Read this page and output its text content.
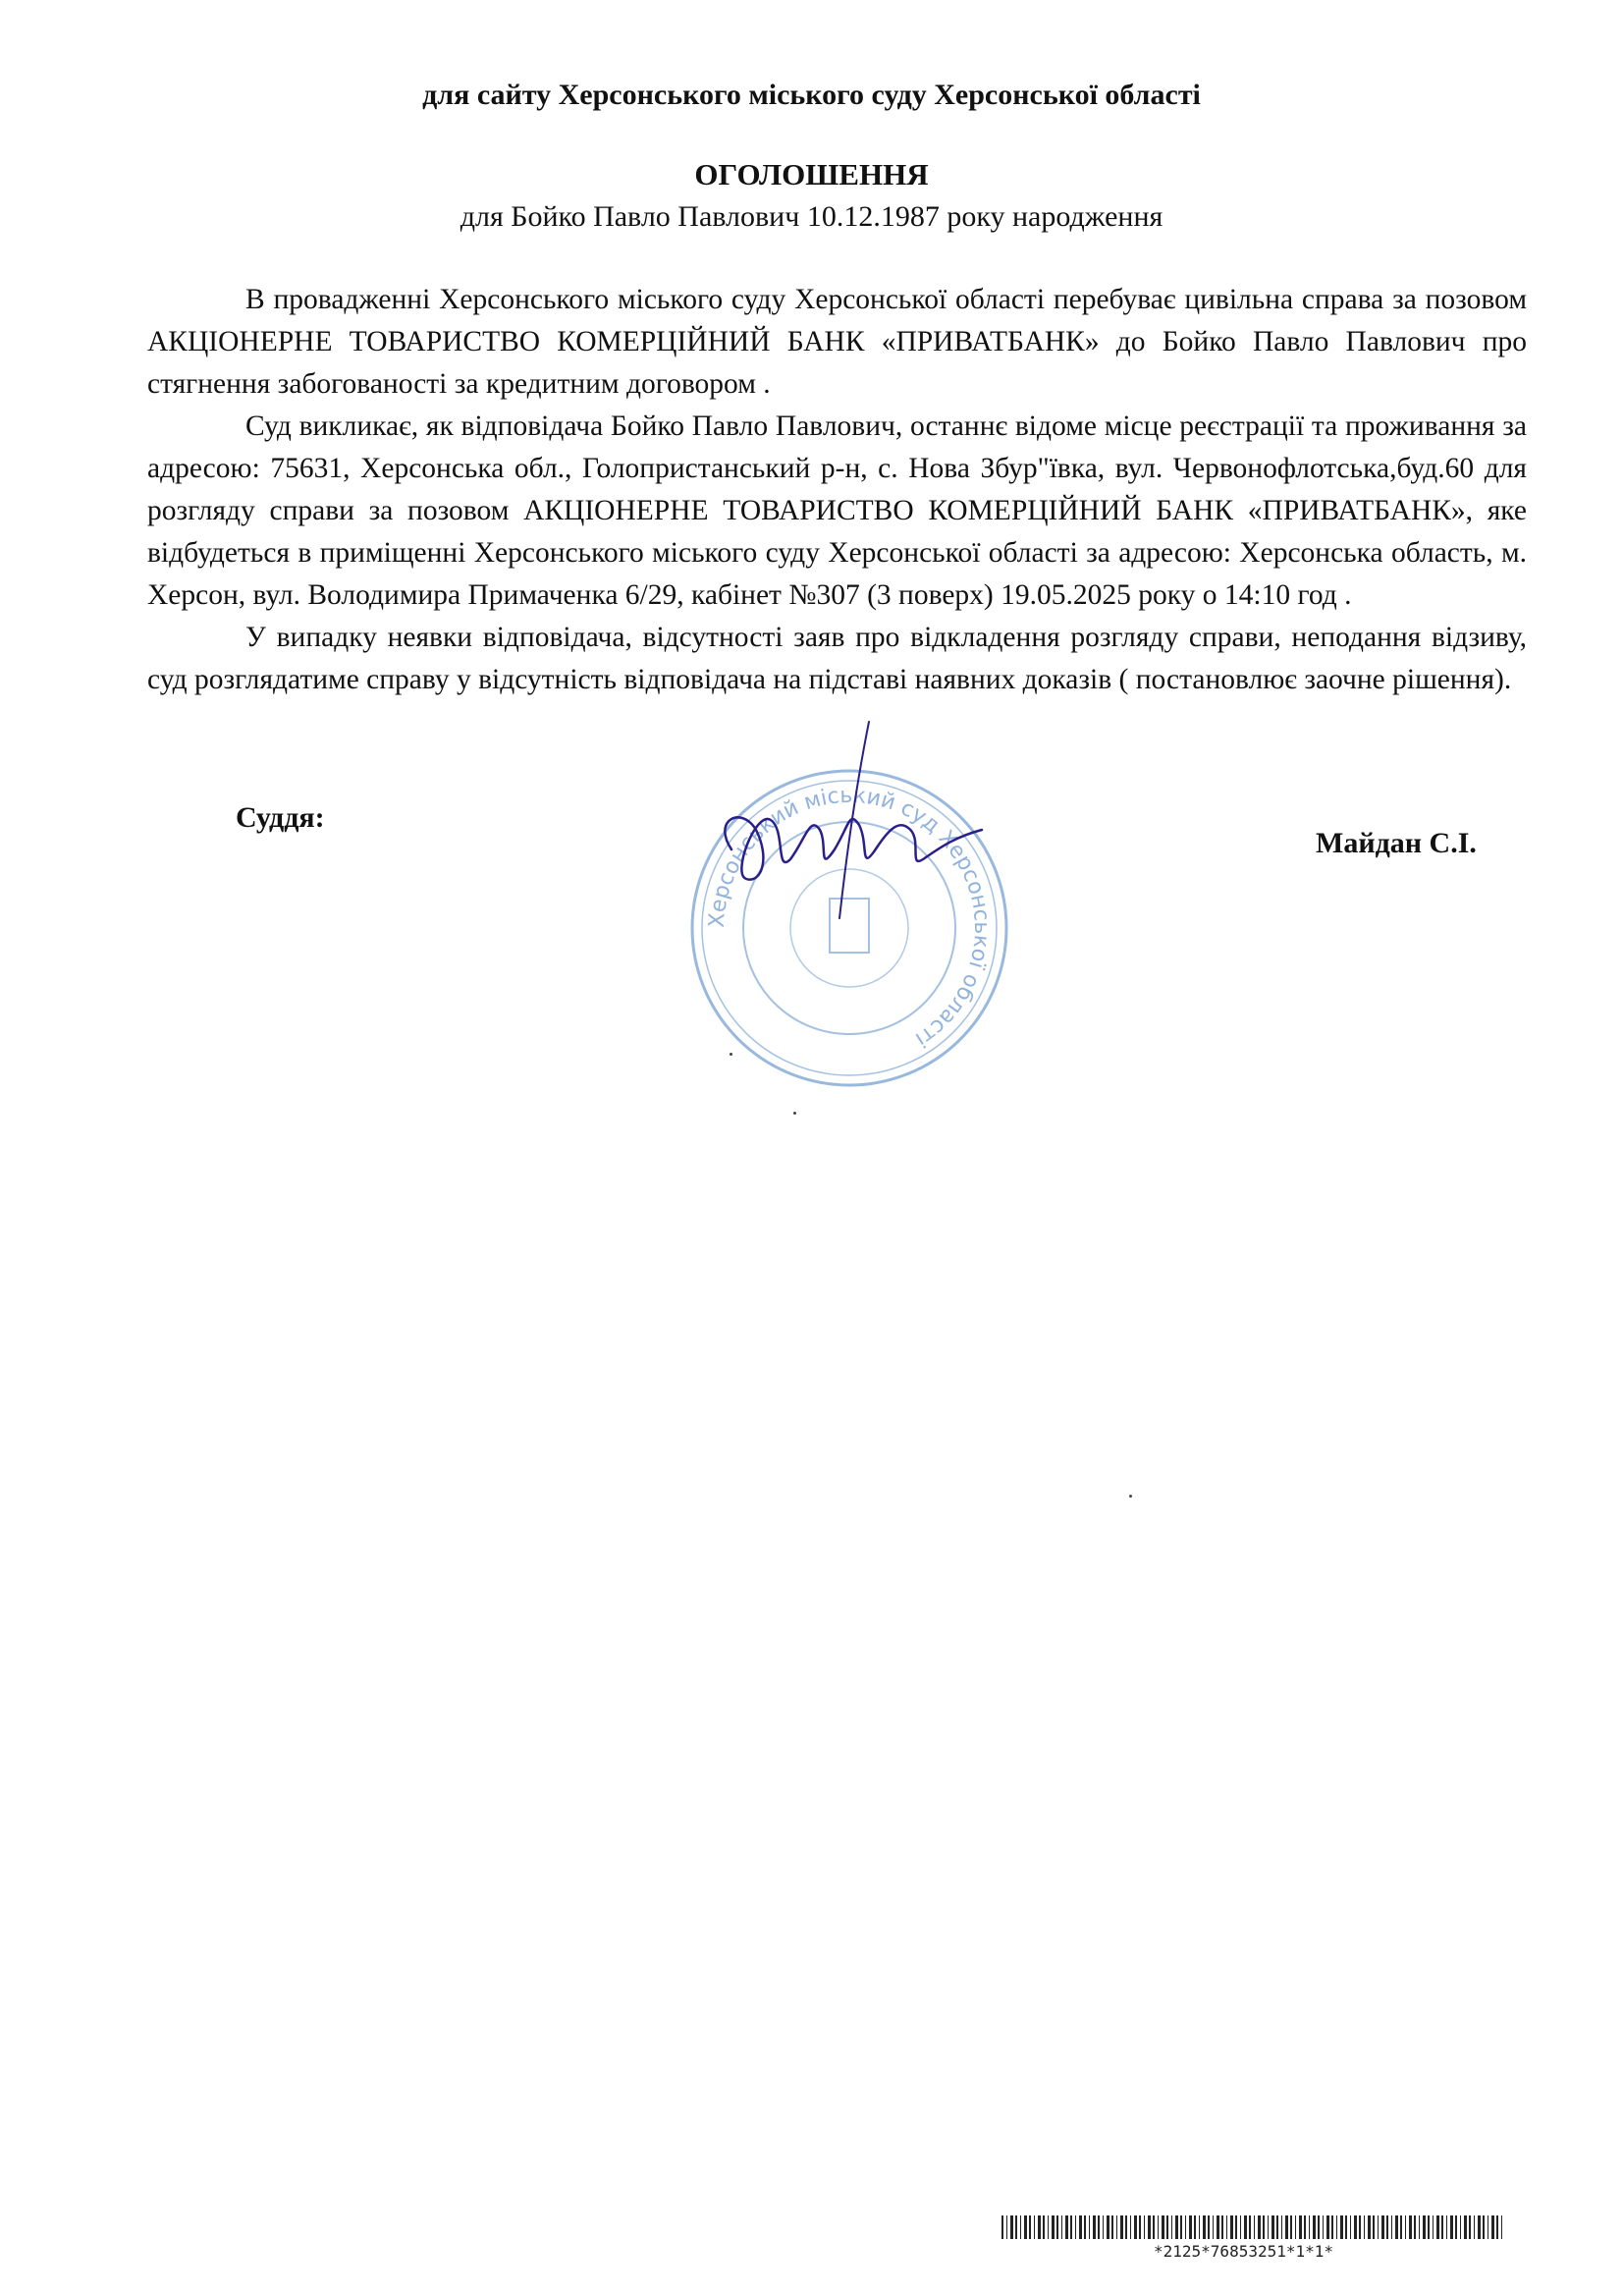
для сайту Херсонського міського суду Херсонської області
ОГОЛОШЕННЯ
для Бойко Павло Павлович 10.12.1987 року народження

В провадженні Херсонського міського суду Херсонської області перебуває цивільна справа за позовом АКЦІОНЕРНЕ ТОВАРИСТВО КОМЕРЦІЙНИЙ БАНК «ПРИВАТБАНК» до Бойко Павло Павлович про стягнення забогованості за кредитним договором .

Суд викликає, як відповідача Бойко Павло Павлович, останнє відоме місце реєстрації та проживання за адресою: 75631, Херсонська обл., Голопристанський р-н, с. Нова Збур"ївка, вул. Червонофлотська,буд.60 для розгляду справи за позовом АКЦІОНЕРНЕ ТОВАРИСТВО КОМЕРЦІЙНИЙ БАНК «ПРИВАТБАНК», яке відбудеться в приміщенні Херсонського міського суду Херсонської області за адресою: Херсонська область, м. Херсон, вул. Володимира Примаченка 6/29, кабінет №307 (3 поверх) 19.05.2025 року о 14:10 год .

У випадку неявки відповідача, відсутності заяв про відкладення розгляду справи, неподання відзиву, суд розглядатиме справу у відсутність відповідача на підставі наявних доказів ( постановлює заочне рішення).

Суддя:
Майдан С.І.
Херсонський міський суд Херсонської області
*2125*76853251*1*1*
